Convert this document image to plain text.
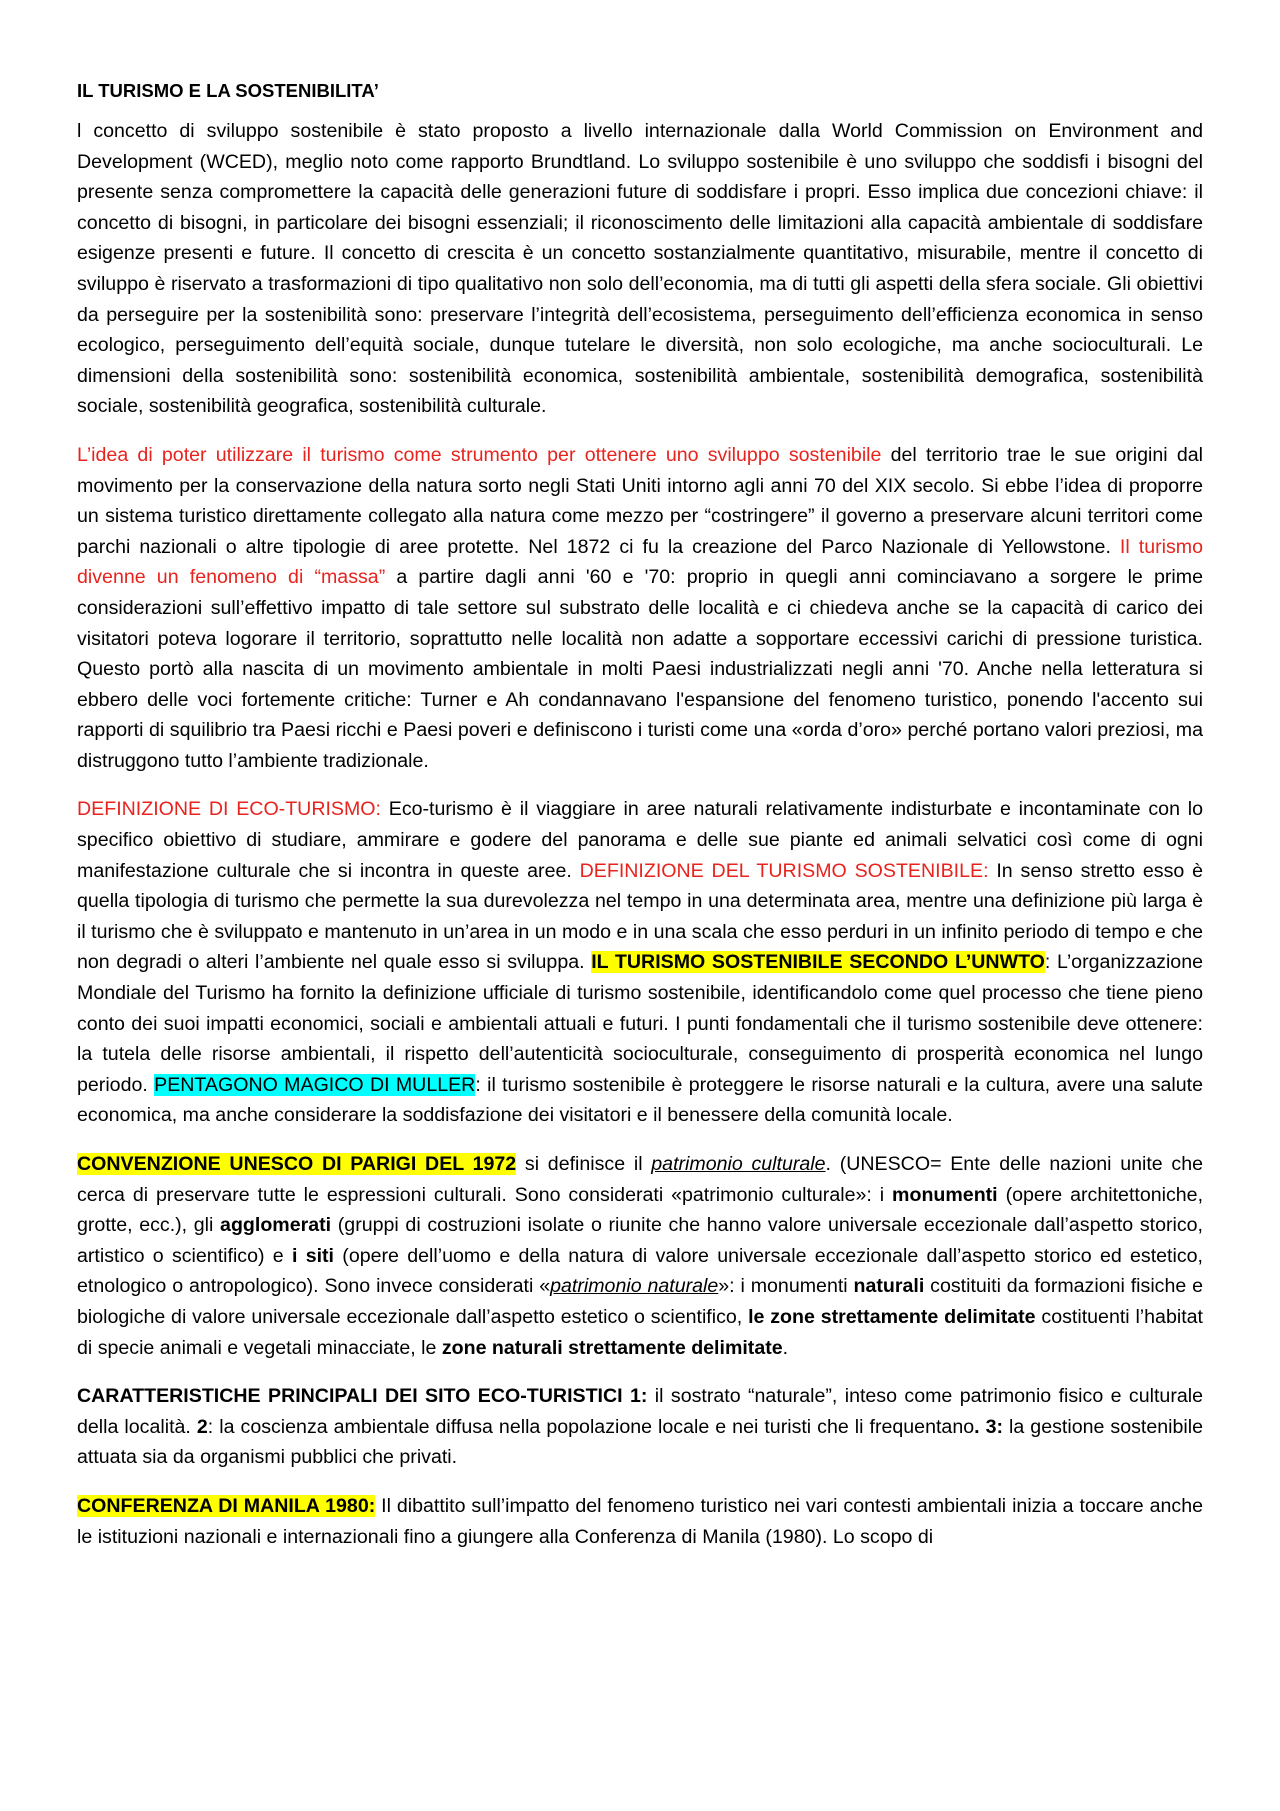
IL TURISMO E LA SOSTENIBILITA’

l concetto di sviluppo sostenibile è stato proposto a livello internazionale dalla World Commission on Environment and Development (WCED), meglio noto come rapporto Brundtland. Lo sviluppo sostenibile è uno sviluppo che soddisfi i bisogni del presente senza compromettere la capacità delle generazioni future di soddisfare i propri. Esso implica due concezioni chiave: il concetto di bisogni, in particolare dei bisogni essenziali; il riconoscimento delle limitazioni alla capacità ambientale di soddisfare esigenze presenti e future. Il concetto di crescita è un concetto sostanzialmente quantitativo, misurabile, mentre il concetto di sviluppo è riservato a trasformazioni di tipo qualitativo non solo dell’economia, ma di tutti gli aspetti della sfera sociale. Gli obiettivi da perseguire per la sostenibilità sono: preservare l’integrità dell’ecosistema, perseguimento dell’efficienza economica in senso ecologico, perseguimento dell’equità sociale, dunque tutelare le diversità, non solo ecologiche, ma anche socioculturali. Le dimensioni della sostenibilità sono: sostenibilità economica, sostenibilità ambientale, sostenibilità demografica, sostenibilità sociale, sostenibilità geografica, sostenibilità culturale.

L’idea di poter utilizzare il turismo come strumento per ottenere uno sviluppo sostenibile del territorio trae le sue origini dal movimento per la conservazione della natura sorto negli Stati Uniti intorno agli anni 70 del XIX secolo. Si ebbe l’idea di proporre un sistema turistico direttamente collegato alla natura come mezzo per “costringere” il governo a preservare alcuni territori come parchi nazionali o altre tipologie di aree protette. Nel 1872 ci fu la creazione del Parco Nazionale di Yellowstone. Il turismo divenne un fenomeno di “massa” a partire dagli anni '60 e '70: proprio in quegli anni cominciavano a sorgere le prime considerazioni sull’effettivo impatto di tale settore sul substrato delle località e ci chiedeva anche se la capacità di carico dei visitatori poteva logorare il territorio, soprattutto nelle località non adatte a sopportare eccessivi carichi di pressione turistica. Questo portò alla nascita di un movimento ambientale in molti Paesi industrializzati negli anni '70. Anche nella letteratura si ebbero delle voci fortemente critiche: Turner e Ah condannavano l'espansione del fenomeno turistico, ponendo l'accento sui rapporti di squilibrio tra Paesi ricchi e Paesi poveri e definiscono i turisti come una «orda d’oro» perché portano valori preziosi, ma distruggono tutto l’ambiente tradizionale.

DEFINIZIONE DI ECO-TURISMO: Eco-turismo è il viaggiare in aree naturali relativamente indisturbate e incontaminate con lo specifico obiettivo di studiare, ammirare e godere del panorama e delle sue piante ed animali selvatici così come di ogni manifestazione culturale che si incontra in queste aree. DEFINIZIONE DEL TURISMO SOSTENIBILE: In senso stretto esso è quella tipologia di turismo che permette la sua durevolezza nel tempo in una determinata area, mentre una definizione più larga è il turismo che è sviluppato e mantenuto in un’area in un modo e in una scala che esso perduri in un infinito periodo di tempo e che non degradi o alteri l’ambiente nel quale esso si sviluppa. IL TURISMO SOSTENIBILE SECONDO L’UNWTO: L’organizzazione Mondiale del Turismo ha fornito la definizione ufficiale di turismo sostenibile, identificandolo come quel processo che tiene pieno conto dei suoi impatti economici, sociali e ambientali attuali e futuri. I punti fondamentali che il turismo sostenibile deve ottenere: la tutela delle risorse ambientali, il rispetto dell’autenticità socioculturale, conseguimento di prosperità economica nel lungo periodo. PENTAGONO MAGICO DI MULLER: il turismo sostenibile è proteggere le risorse naturali e la cultura, avere una salute economica, ma anche considerare la soddisfazione dei visitatori e il benessere della comunità locale.

CONVENZIONE UNESCO DI PARIGI DEL 1972 si definisce il patrimonio culturale. (UNESCO= Ente delle nazioni unite che cerca di preservare tutte le espressioni culturali. Sono considerati «patrimonio culturale»: i monumenti (opere architettoniche, grotte, ecc.), gli agglomerati (gruppi di costruzioni isolate o riunite che hanno valore universale eccezionale dall’aspetto storico, artistico o scientifico) e i siti (opere dell’uomo e della natura di valore universale eccezionale dall’aspetto storico ed estetico, etnologico o antropologico). Sono invece considerati «patrimonio naturale»: i monumenti naturali costituiti da formazioni fisiche e biologiche di valore universale eccezionale dall’aspetto estetico o scientifico, le zone strettamente delimitate costituenti l’habitat di specie animali e vegetali minacciate, le zone naturali strettamente delimitate.

CARATTERISTICHE PRINCIPALI DEI SITO ECO-TURISTICI 1: il sostrato “naturale”, inteso come patrimonio fisico e culturale della località. 2: la coscienza ambientale diffusa nella popolazione locale e nei turisti che li frequentano. 3: la gestione sostenibile attuata sia da organismi pubblici che privati.

CONFERENZA DI MANILA 1980: Il dibattito sull’impatto del fenomeno turistico nei vari contesti ambientali inizia a toccare anche le istituzioni nazionali e internazionali fino a giungere alla Conferenza di Manila (1980). Lo scopo di
